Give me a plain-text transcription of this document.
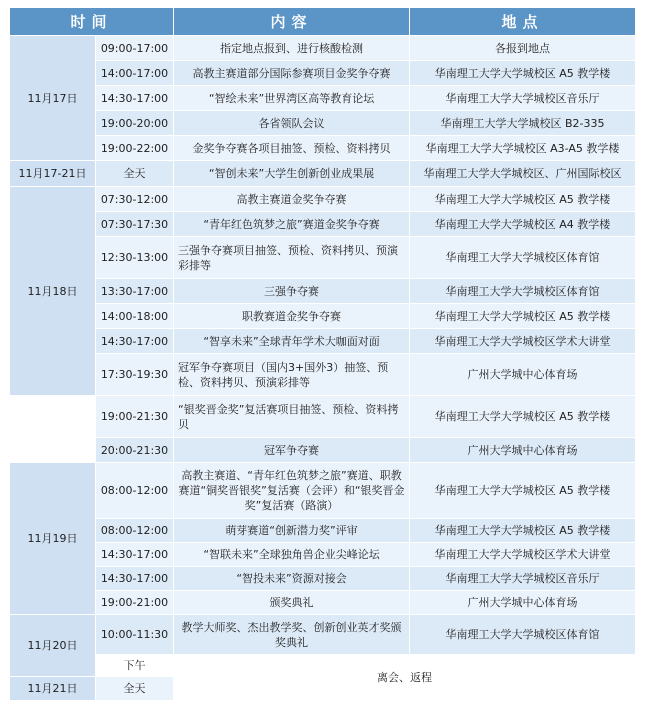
时间		内容	地点
11月17日	09:00-17:00	指定地点报到、进行核酸检测	各报到地点
	14:00-17:00	高教主赛道部分国际参赛项目金奖争夺赛	华南理工大学大学城校区 A5 教学楼
	14:30-17:00	“智绘未来”世界湾区高等教育论坛	华南理工大学大学城校区音乐厅
	19:00-20:00	各省领队会议	华南理工大学大学城校区 B2-335
	19:00-22:00	金奖争夺赛各项目抽签、预检、资料拷贝	华南理工大学大学城校区 A3-A5 教学楼
11月17-21日	全天	“智创未来”大学生创新创业成果展	华南理工大学大学城校区、广州国际校区
11月18日	07:30-12:00	高教主赛道金奖争夺赛	华南理工大学大学城校区 A5 教学楼
	07:30-17:30	“青年红色筑梦之旅”赛道金奖争夺赛	华南理工大学大学城校区 A4 教学楼
	12:30-13:00	三强争夺赛项目抽签、预检、资料拷贝、预演彩排等	华南理工大学大学城校区体育馆
	13:30-17:00	三强争夺赛	华南理工大学大学城校区体育馆
	14:00-18:00	职教赛道金奖争夺赛	华南理工大学大学城校区 A5 教学楼
	14:30-17:00	“智享未来”全球青年学术大咖面对面	华南理工大学大学城校区学术大讲堂
	17:30-19:30	冠军争夺赛项目（国内3+国外3）抽签、预检、资料拷贝、预演彩排等	广州大学城中心体育场
	19:00-21:30	“银奖晋金奖”复活赛项目抽签、预检、资料拷贝	华南理工大学大学城校区 A5 教学楼
	20:00-21:30	冠军争夺赛	广州大学城中心体育场
11月19日	08:00-12:00	高教主赛道、“青年红色筑梦之旅”赛道、职教赛道“铜奖晋银奖”复活赛（会评）和“银奖晋金奖”复活赛（路演）	华南理工大学大学城校区 A5 教学楼
	08:00-12:00	萌芽赛道“创新潜力奖”评审	华南理工大学大学城校区 A5 教学楼
	14:30-17:00	“智联未来”全球独角兽企业尖峰论坛	华南理工大学大学城校区学术大讲堂
	14:30-17:00	“智投未来”资源对接会	华南理工大学大学城校区音乐厅
	19:00-21:00	颁奖典礼	广州大学城中心体育场
11月20日	10:00-11:30	教学大师奖、杰出教学奖、创新创业英才奖颁奖典礼	华南理工大学大学城校区体育馆
	下午	离会、返程	
11月21日	全天		
